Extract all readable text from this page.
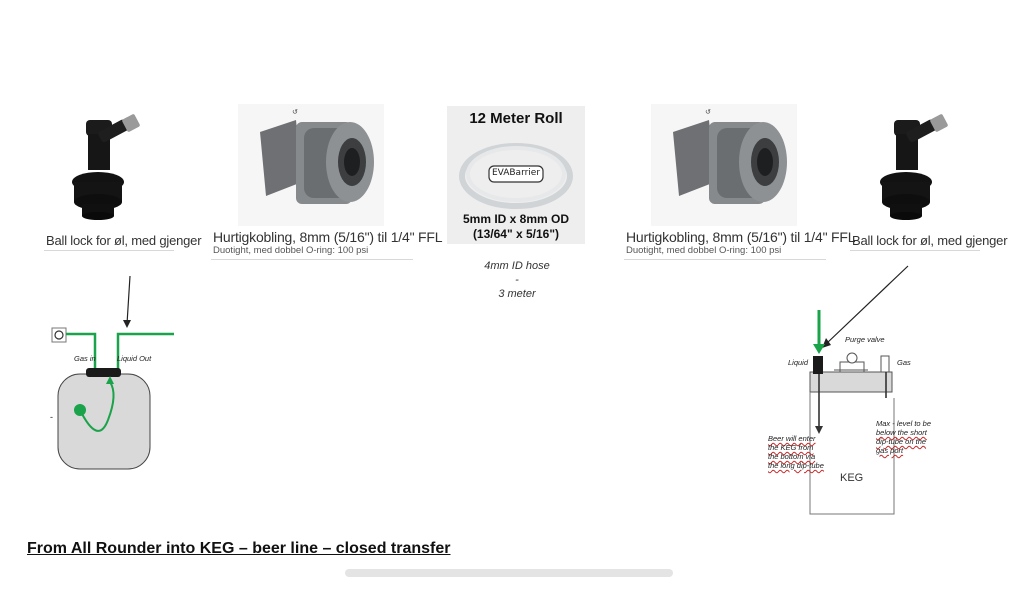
Ball lock for øl, med gjenger
↺
Hurtigkobling, 8mm (5/16") til 1/4" FFL
Duotight, med dobbel O-ring: 100 psi
12 Meter Roll
EVABarrier
5mm ID x 8mm OD
(13/64" x 5/16")
4mm ID hose
-
3 meter
↺
Hurtigkobling, 8mm (5/16") til 1/4" FFL
Duotight, med dobbel O-ring: 100 psi
Ball lock for øl, med gjenger
Gas in	Liquid Out
-
Purge valve
Liquid	Gas
Max - level to be
below the short
dip-tube on the
gas port
Beer will enter
the KEG from
the bottom via
the long dip-tube
KEG
From All Rounder into KEG – beer line – closed transfer
